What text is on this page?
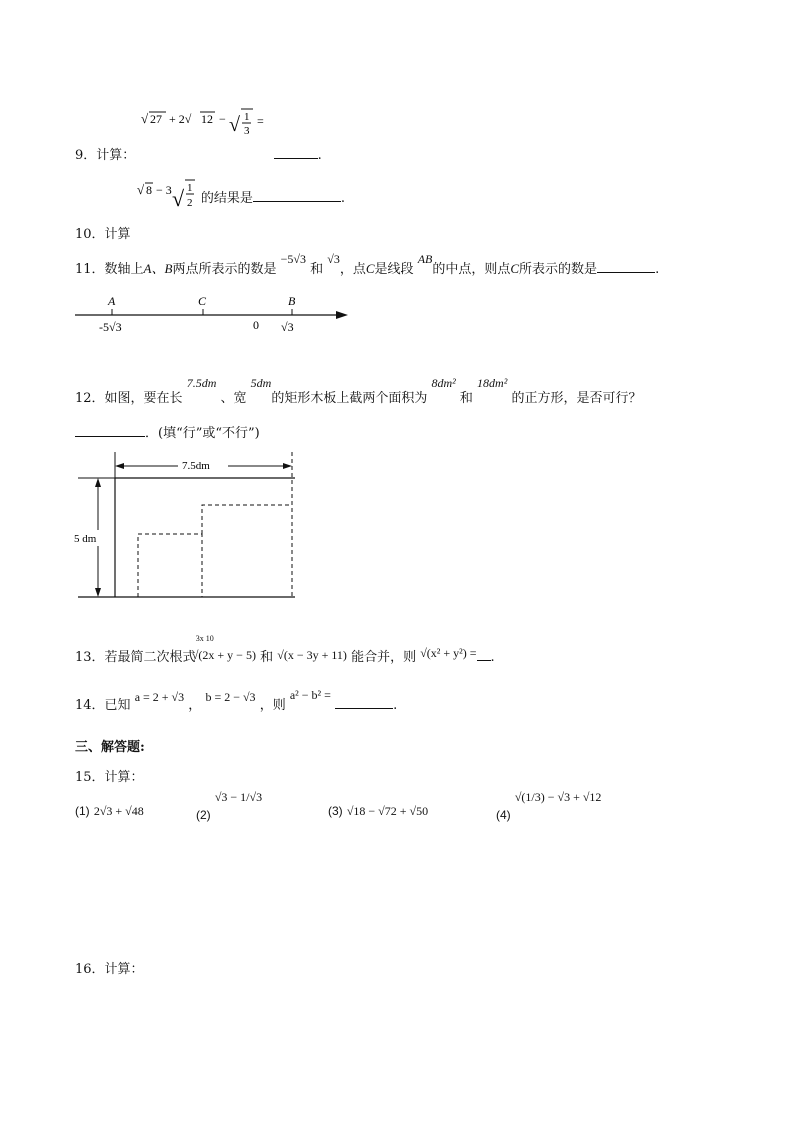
9．计算：
√ 27 + 2√ 12 − √ 1
3
=
.
10．计算
√ 8 − 3 √ 1
2 的结果是	.
11．数轴上A、B两点所表示的数是 −5√3 和 √3，点C是线段 AB的中点，则点C所表示的数是	.
A	C	B
-5√3	0 √3
12．如图，要在长 7.5dm 、宽 5dm的矩形木板上截两个面积为 8dm² 和 18dm² 的正方形，是否可行？
．(填“行”或“不行”)
7.5dm
5 dm
13．若最简二次根式 3x 10 √(2x + y − 5) 和 √(x − 3y + 11) 能合并，则 √(x² + y²) = .
14．已知 a = 2 + √3 ， b = 2 − √3 ，则 a² − b² = .
三、解答题:
15．计算：
(1) 2√3 + √48	(2) √3 − 1/√3
(3) √18 − √72 + √50	(4) √(1/3) − √3 + √12
16．计算：
